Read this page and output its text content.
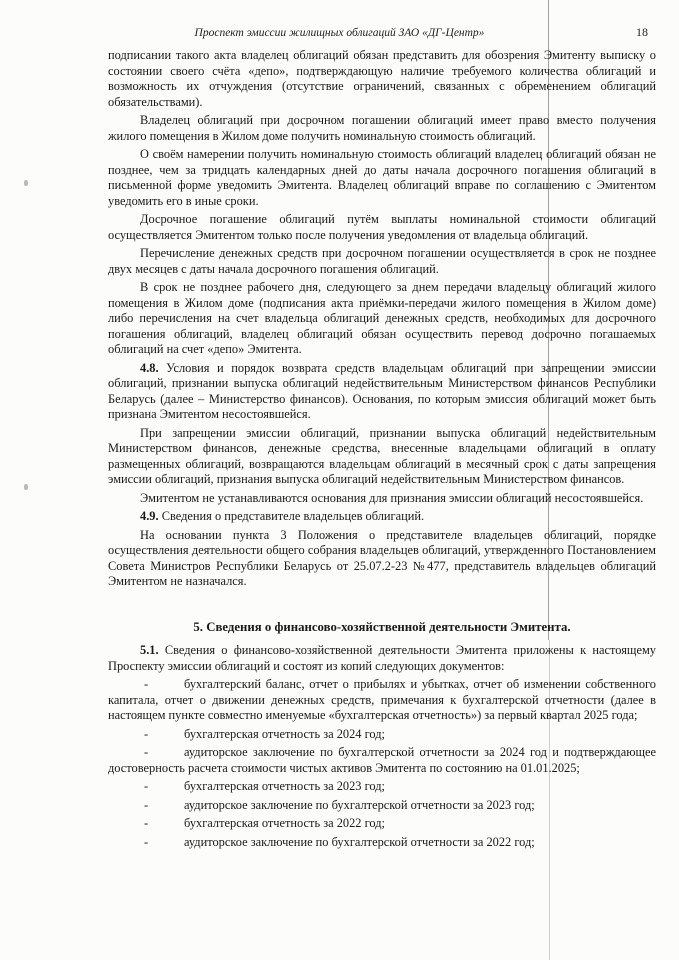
Проспект эмиссии жилищных облигаций ЗАО «ДГ-Центр»	18

подписании такого акта владелец облигаций обязан представить для обозрения Эмитенту выписку о состоянии своего счёта «депо», подтверждающую наличие требуемого количества облигаций и возможность их отчуждения (отсутствие ограничений, связанных с обременением облигаций обязательствами).

Владелец облигаций при досрочном погашении облигаций имеет право вместо получения жилого помещения в Жилом доме получить номинальную стоимость облигаций.

О своём намерении получить номинальную стоимость облигаций владелец облигаций обязан не позднее, чем за тридцать календарных дней до даты начала досрочного погашения облигаций в письменной форме уведомить Эмитента. Владелец облигаций вправе по соглашению с Эмитентом уведомить его в иные сроки.

Досрочное погашение облигаций путём выплаты номинальной стоимости облигаций осуществляется Эмитентом только после получения уведомления от владельца облигаций.

Перечисление денежных средств при досрочном погашении осуществляется в срок не позднее двух месяцев с даты начала досрочного погашения облигаций.

В срок не позднее рабочего дня, следующего за днем передачи владельцу облигаций жилого помещения в Жилом доме (подписания акта приёмки-передачи жилого помещения в Жилом доме) либо перечисления на счет владельца облигаций денежных средств, необходимых для досрочного погашения облигаций, владелец облигаций обязан осуществить перевод досрочно погашаемых облигаций на счет «депо» Эмитента.

4.8. Условия и порядок возврата средств владельцам облигаций при запрещении эмиссии облигаций, признании выпуска облигаций недействительным Министерством финансов Республики Беларусь (далее – Министерство финансов). Основания, по которым эмиссия облигаций может быть признана Эмитентом несостоявшейся.

При запрещении эмиссии облигаций, признании выпуска облигаций недействительным Министерством финансов, денежные средства, внесенные владельцами облигаций в оплату размещенных облигаций, возвращаются владельцам облигаций в месячный срок с даты запрещения эмиссии облигаций, признания выпуска облигаций недействительным Министерством финансов.

Эмитентом не устанавливаются основания для признания эмиссии облигаций несостоявшейся.

4.9. Сведения о представителе владельцев облигаций.

На основании пункта 3 Положения о представителе владельцев облигаций, порядке осуществления деятельности общего собрания владельцев облигаций, утвержденного Постановлением Совета Министров Республики Беларусь от 25.07.2-23 №477, представитель владельцев облигаций Эмитентом не назначался.

5. Сведения о финансово-хозяйственной деятельности Эмитента.

5.1. Сведения о финансово-хозяйственной деятельности Эмитента приложены к настоящему Проспекту эмиссии облигаций и состоят из копий следующих документов:

-	бухгалтерский баланс, отчет о прибылях и убытках, отчет об изменении собственного капитала, отчет о движении денежных средств, примечания к бухгалтерской отчетности (далее в настоящем пункте совместно именуемые «бухгалтерская отчетность») за первый квартал 2025 года;

-	бухгалтерская отчетность за 2024 год;

-	аудиторское заключение по бухгалтерской отчетности за 2024 год и подтверждающее достоверность расчета стоимости чистых активов Эмитента по состоянию на 01.01.2025;

-	бухгалтерская отчетность за 2023 год;

-	аудиторское заключение по бухгалтерской отчетности за 2023 год;

-	бухгалтерская отчетность за 2022 год;

-	аудиторское заключение по бухгалтерской отчетности за 2022 год;
